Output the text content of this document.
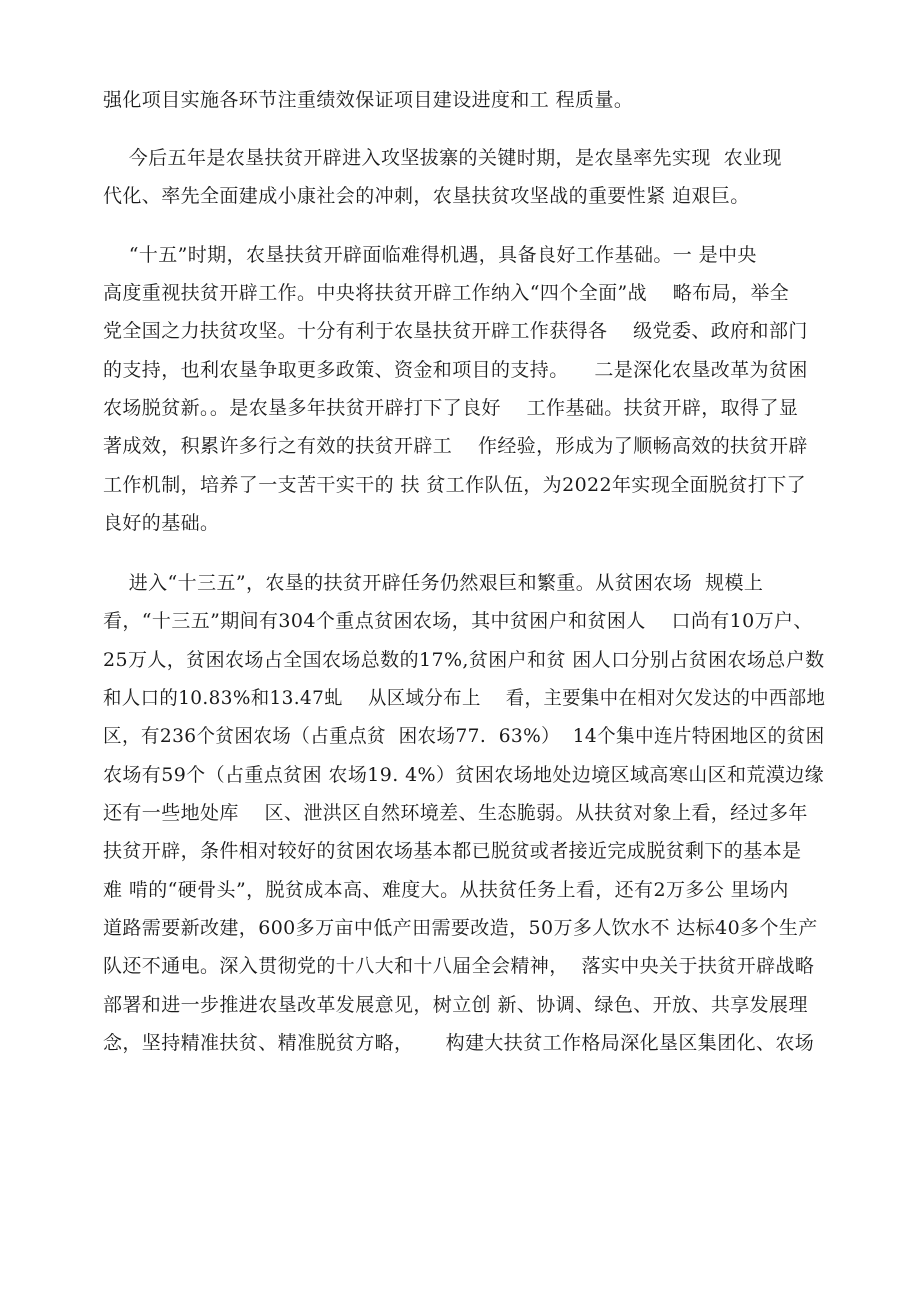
强化项目实施各环节注重绩效保证项目建设进度和工 程质量。
今后五年是农垦扶贫开辟进入攻坚拔寨的关键时期，是农垦率先实现  农业现
代化、率先全面建成小康社会的冲刺，农垦扶贫攻坚战的重要性紧 迫艰巨。
“十五”时期，农垦扶贫开辟面临难得机遇，具备良好工作基础。一 是中央
高度重视扶贫开辟工作。中央将扶贫开辟工作纳入“四个全面”战    略布局，举全
党全国之力扶贫攻坚。十分有利于农垦扶贫开辟工作获得各    级党委、政府和部门
的支持，也利农垦争取更多政策、资金和项目的支持。    二是深化农垦改革为贫困
农场脱贫新。。是农垦多年扶贫开辟打下了良好    工作基础。扶贫开辟，取得了显
著成效，积累许多行之有效的扶贫开辟工    作经验，形成为了顺畅高效的扶贫开辟
工作机制，培养了一支苦干实干的 扶 贫工作队伍，为2022年实现全面脱贫打下了
良好的基础。
进入“十三五”，农垦的扶贫开辟任务仍然艰巨和繁重。从贫困农场  规模上
看，“十三五”期间有304个重点贫困农场，其中贫困户和贫困人    口尚有10万户、
25万人，贫困农场占全国农场总数的17%,贫困户和贫 困人口分别占贫困农场总户数
和人口的10.83%和13.47虬    从区域分布上    看，主要集中在相对欠发达的中西部地
区，有236个贫困农场（占重点贫  困农场77.  63%）  14个集中连片特困地区的贫困
农场有59个（占重点贫困 农场19. 4%）贫困农场地处边境区域高寒山区和荒漠边缘
还有一些地处库    区、泄洪区自然环境差、生态脆弱。从扶贫对象上看，经过多年
扶贫开辟，条件相对较好的贫困农场基本都已脱贫或者接近完成脱贫剩下的基本是
难 啃的“硬骨头”，脱贫成本高、难度大。从扶贫任务上看，还有2万多公 里场内
道路需要新改建，600多万亩中低产田需要改造，50万多人饮水不 达标40多个生产
队还不通电。深入贯彻党的十八大和十八届全会精神，  落实中央关于扶贫开辟战略
部署和进一步推进农垦改革发展意见，树立创 新、协调、绿色、开放、共享发展理
念，坚持精准扶贫、精准脱贫方略，     构建大扶贫工作格局深化垦区集团化、农场
